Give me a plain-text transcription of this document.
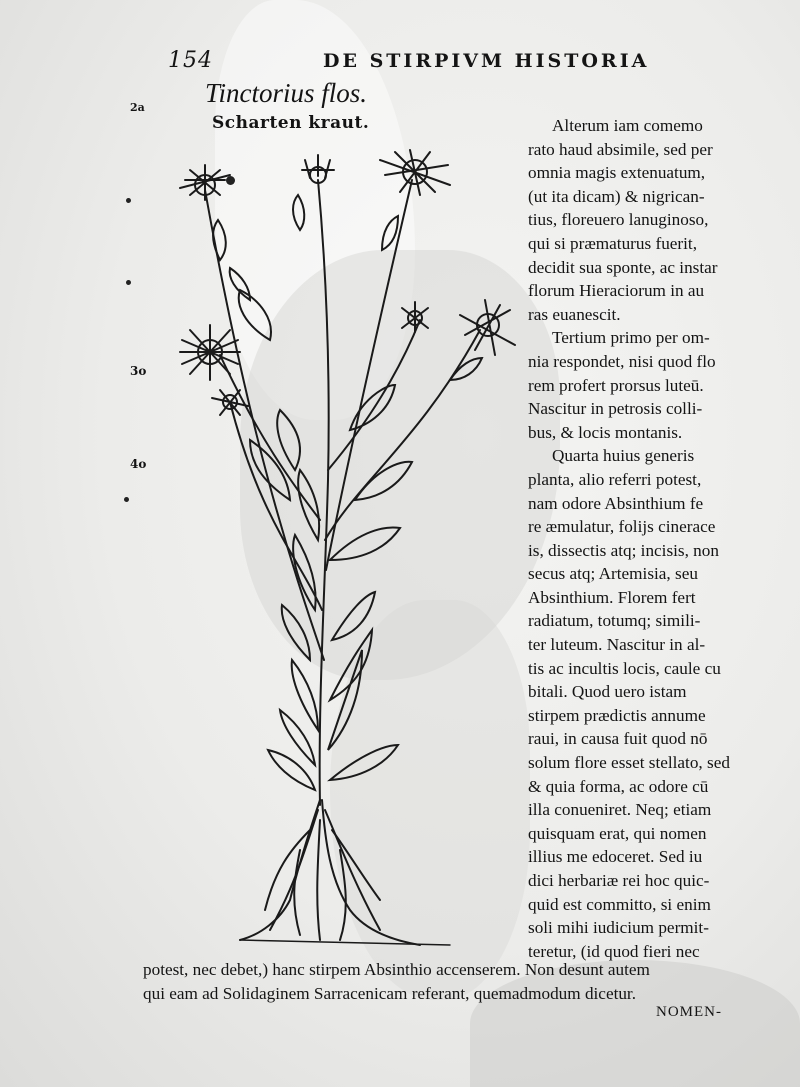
154	DE STIRPIVM HISTORIA
Tinctorius flos.
Scharten kraut.
2a
3o
4o
Alterum iam comemo
rato haud absimile, sed per
omnia magis extenuatum,
(ut ita dicam) & nigrican-
tius, floreuero lanuginoso,
qui si præmaturus fuerit,
decidit sua sponte, ac instar
florum Hieraciorum in au
ras euanescit.
Tertium primo per om-
nia respondet, nisi quod flo
rem profert prorsus luteū.
Nascitur in petrosis colli-
bus, & locis montanis.
Quarta huius generis
planta, alio referri potest,
nam odore Absinthium fe
re æmulatur, folijs cinerace
is, dissectis atq; incisis, non
secus atq; Artemisia, seu
Absinthium. Florem fert
radiatum, totumq; simili-
ter luteum. Nascitur in al-
tis ac incultis locis, caule cu
bitali. Quod uero istam
stirpem prædictis annume
raui, in causa fuit quod nō
solum flore esset stellato, sed
& quia forma, ac odore cū
illa conueniret. Neq; etiam
quisquam erat, qui nomen
illius me edoceret. Sed iu
dici herbariæ rei hoc quic-
quid est committo, si enim
soli mihi iudicium permit-
teretur, (id quod fieri nec
potest, nec debet,) hanc stirpem Absinthio accenserem. Non desunt autem
qui eam ad Solidaginem Sarracenicam referant, quemadmodum dicetur.
NOMEN-
